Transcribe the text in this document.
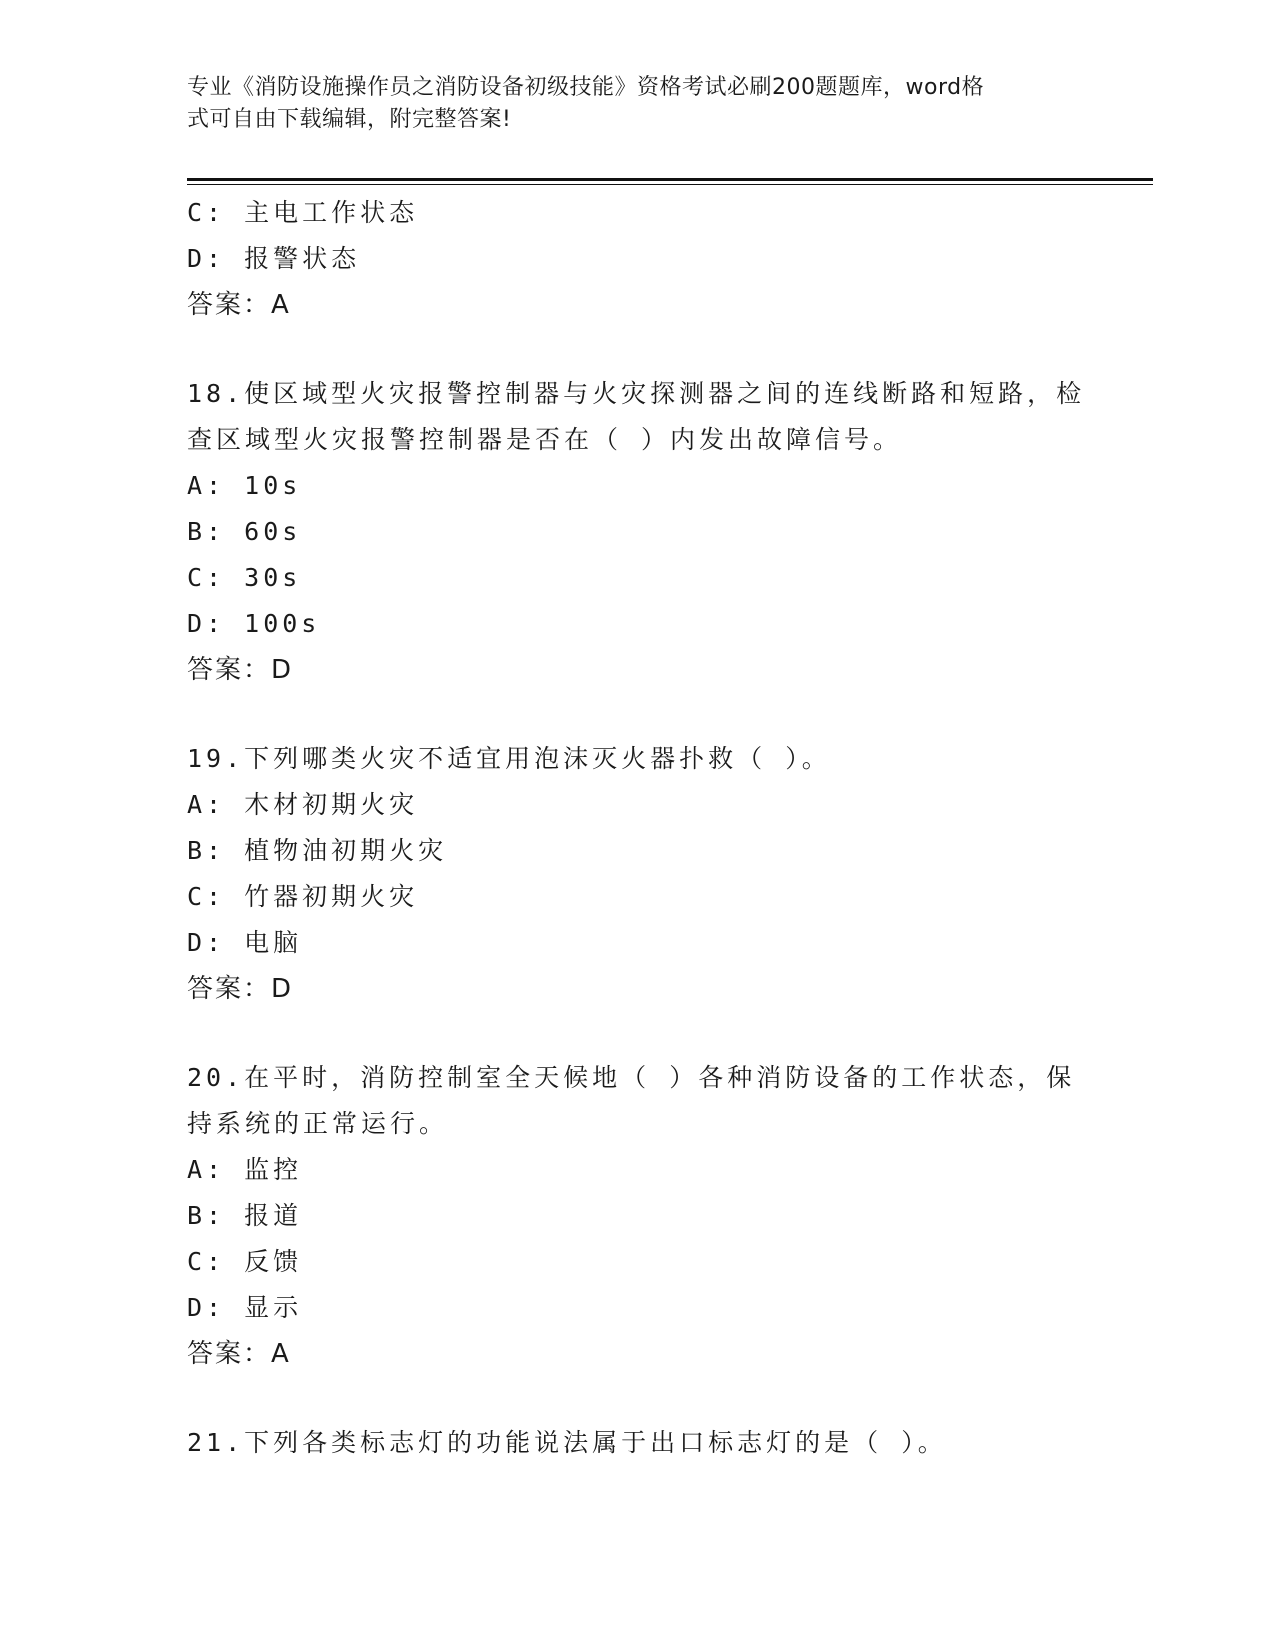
专业《消防设施操作员之消防设备初级技能》资格考试必刷200题题库，word格
式可自由下载编辑，附完整答案!
C: 主电工作状态
D: 报警状态
答案：A
18.使区域型火灾报警控制器与火灾探测器之间的连线断路和短路，检
查区域型火灾报警控制器是否在（ ）内发出故障信号。
A: 10s
B: 60s
C: 30s
D: 100s
答案：D
19.下列哪类火灾不适宜用泡沫灭火器扑救（ ）。
A: 木材初期火灾
B: 植物油初期火灾
C: 竹器初期火灾
D: 电脑
答案：D
20.在平时，消防控制室全天候地（ ）各种消防设备的工作状态，保
持系统的正常运行。
A: 监控
B: 报道
C: 反馈
D: 显示
答案：A
21.下列各类标志灯的功能说法属于出口标志灯的是（ ）。
